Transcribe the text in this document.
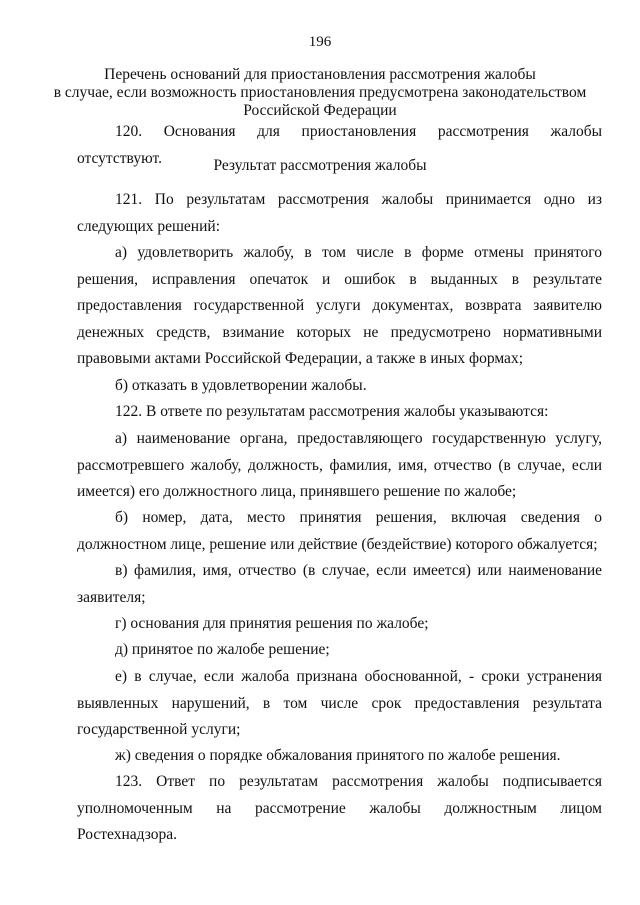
196
Перечень оснований для приостановления рассмотрения жалобы
в случае, если возможность приостановления предусмотрена законодательством
Российской Федерации

120. Основания для приостановления рассмотрения жалобы отсутствуют.	Результат рассмотрения жалобы

121. По результатам рассмотрения жалобы принимается одно из следующих решений:

а) удовлетворить жалобу, в том числе в форме отмены принятого решения, исправления опечаток и ошибок в выданных в результате предоставления государственной услуги документах, возврата заявителю денежных средств, взимание которых не предусмотрено нормативными правовыми актами Российской Федерации, а также в иных формах;

б) отказать в удовлетворении жалобы.

122. В ответе по результатам рассмотрения жалобы указываются:

а) наименование органа, предоставляющего государственную услугу, рассмотревшего жалобу, должность, фамилия, имя, отчество (в случае, если имеется) его должностного лица, принявшего решение по жалобе;

б) номер, дата, место принятия решения, включая сведения о должностном лице, решение или действие (бездействие) которого обжалуется;

в) фамилия, имя, отчество (в случае, если имеется) или наименование заявителя;

г) основания для принятия решения по жалобе;

д) принятое по жалобе решение;

е) в случае, если жалоба признана обоснованной, - сроки устранения выявленных нарушений, в том числе срок предоставления результата государственной услуги;

ж) сведения о порядке обжалования принятого по жалобе решения.

123. Ответ по результатам рассмотрения жалобы подписывается уполномоченным на рассмотрение жалобы должностным лицом Ростехнадзора.
